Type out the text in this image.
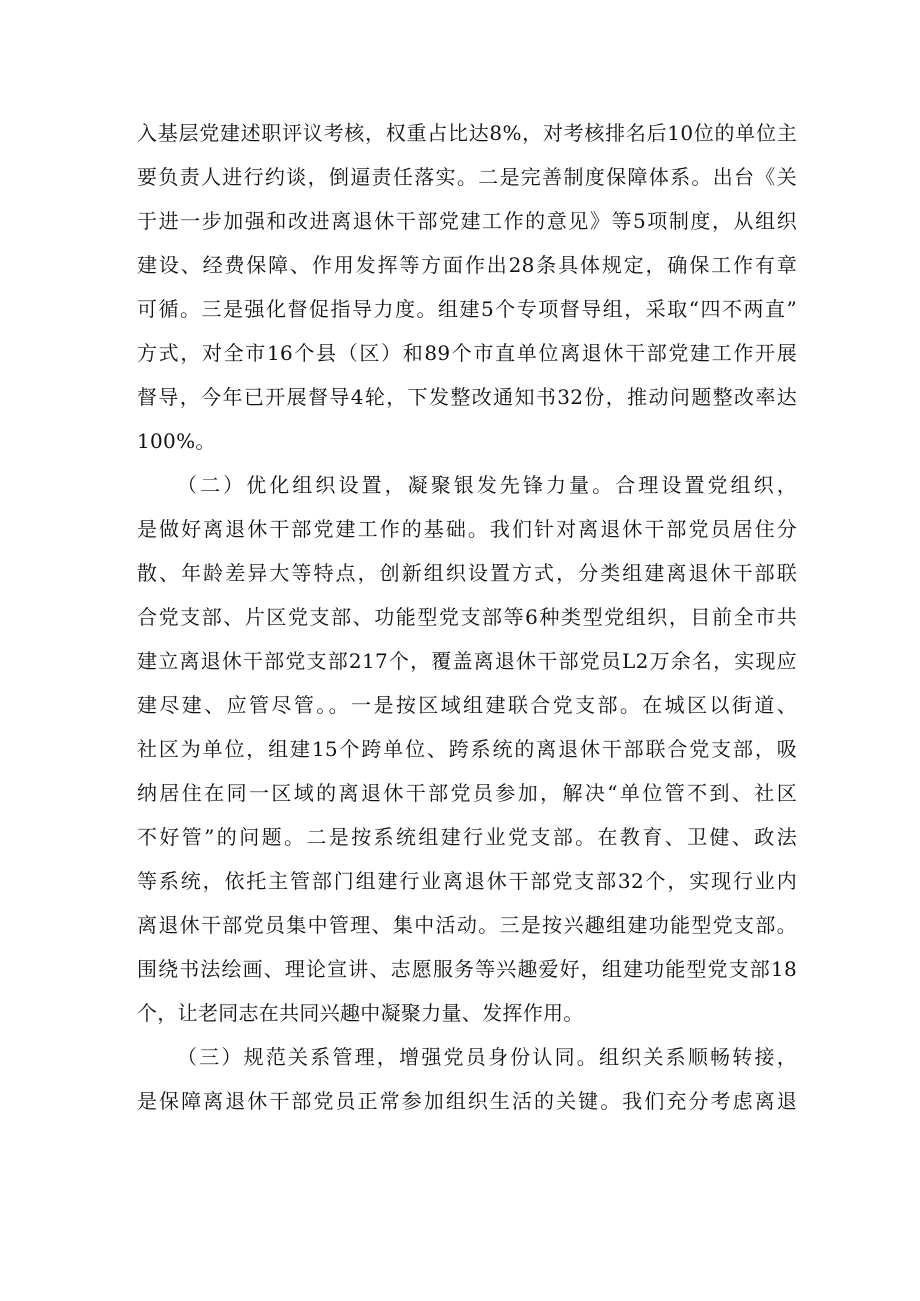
入基层党建述职评议考核，权重占比达8%，对考核排名后10位的单位主
要负责人进行约谈，倒逼责任落实。二是完善制度保障体系。出台《关
于进一步加强和改进离退休干部党建工作的意见》等5项制度，从组织
建设、经费保障、作用发挥等方面作出28条具体规定，确保工作有章
可循。三是强化督促指导力度。组建5个专项督导组，采取“四不两直”
方式，对全市16个县（区）和89个市直单位离退休干部党建工作开展
督导，今年已开展督导4轮，下发整改通知书32份，推动问题整改率达
100%。
（二）优化组织设置，凝聚银发先锋力量。合理设置党组织，
是做好离退休干部党建工作的基础。我们针对离退休干部党员居住分
散、年龄差异大等特点，创新组织设置方式，分类组建离退休干部联
合党支部、片区党支部、功能型党支部等6种类型党组织，目前全市共
建立离退休干部党支部217个，覆盖离退休干部党员L2万余名，实现应
建尽建、应管尽管。。一是按区域组建联合党支部。在城区以街道、
社区为单位，组建15个跨单位、跨系统的离退休干部联合党支部，吸
纳居住在同一区域的离退休干部党员参加，解决“单位管不到、社区
不好管”的问题。二是按系统组建行业党支部。在教育、卫健、政法
等系统，依托主管部门组建行业离退休干部党支部32个，实现行业内
离退休干部党员集中管理、集中活动。三是按兴趣组建功能型党支部。
围绕书法绘画、理论宣讲、志愿服务等兴趣爱好，组建功能型党支部18
个，让老同志在共同兴趣中凝聚力量、发挥作用。
（三）规范关系管理，增强党员身份认同。组织关系顺畅转接，
是保障离退休干部党员正常参加组织生活的关键。我们充分考虑离退
